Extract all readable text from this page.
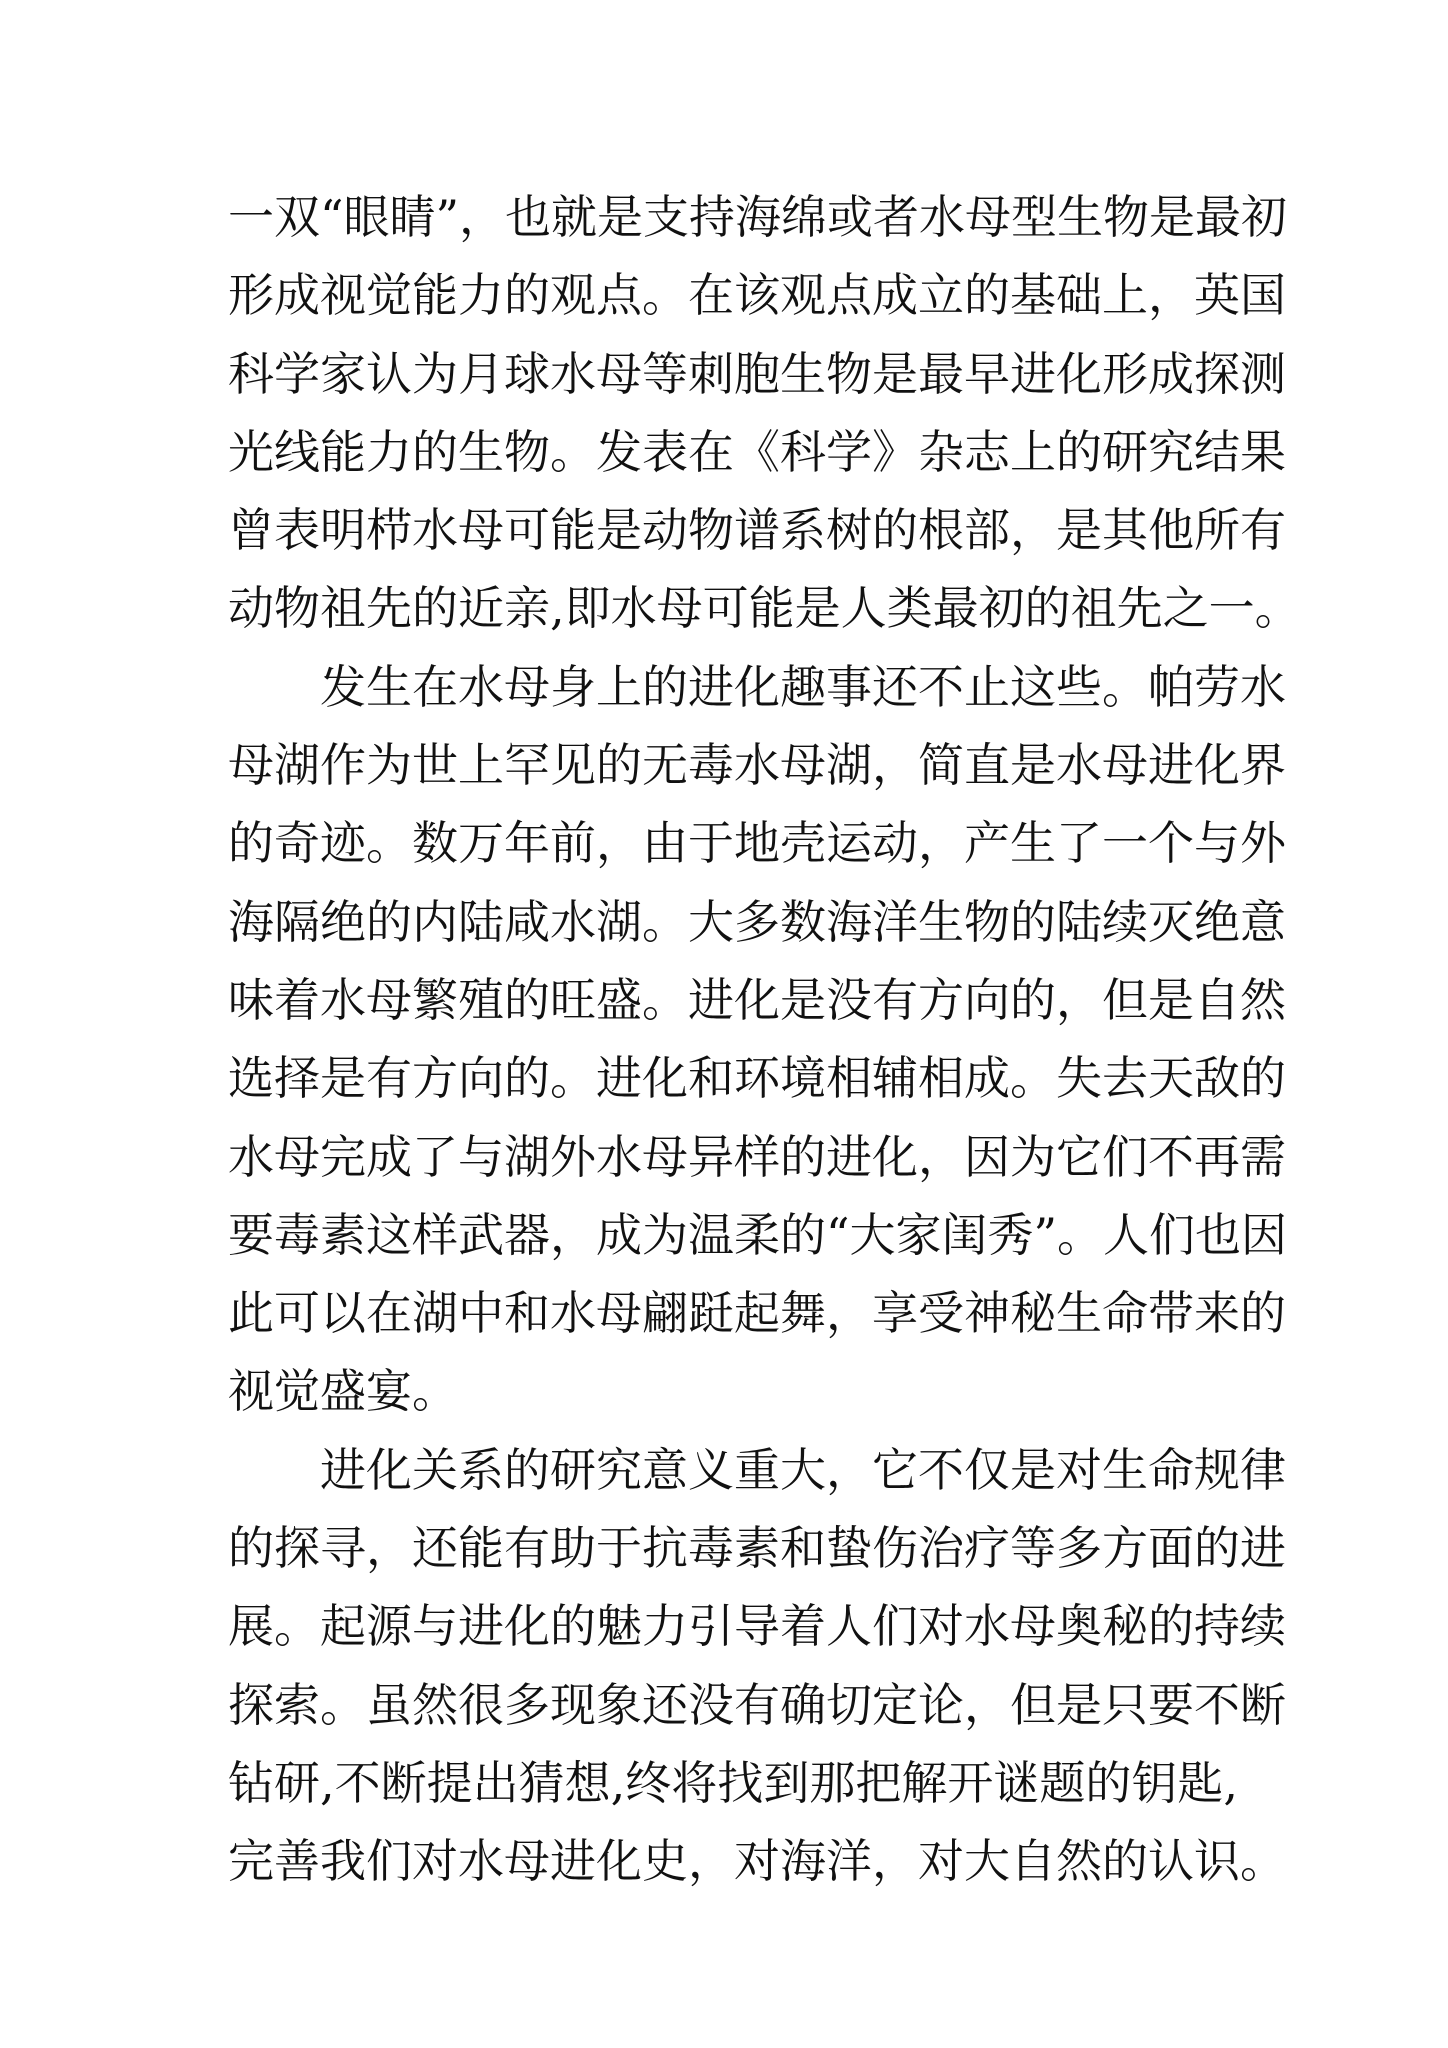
一双“眼睛”，也就是支持海绵或者水母型生物是最初
形成视觉能力的观点。在该观点成立的基础上，英国
科学家认为月球水母等刺胞生物是最早进化形成探测
光线能力的生物。发表在《科学》杂志上的研究结果
曾表明栉水母可能是动物谱系树的根部，是其他所有
动物祖先的近亲,即水母可能是人类最初的祖先之一。
发生在水母身上的进化趣事还不止这些。帕劳水
母湖作为世上罕见的无毒水母湖，简直是水母进化界
的奇迹。数万年前，由于地壳运动，产生了一个与外
海隔绝的内陆咸水湖。大多数海洋生物的陆续灭绝意
味着水母繁殖的旺盛。进化是没有方向的，但是自然
选择是有方向的。进化和环境相辅相成。失去天敌的
水母完成了与湖外水母异样的进化，因为它们不再需
要毒素这样武器，成为温柔的“大家闺秀”。人们也因
此可以在湖中和水母翩跹起舞，享受神秘生命带来的
视觉盛宴。
进化关系的研究意义重大，它不仅是对生命规律
的探寻，还能有助于抗毒素和蛰伤治疗等多方面的进
展。起源与进化的魅力引导着人们对水母奥秘的持续
探索。虽然很多现象还没有确切定论，但是只要不断
钻研,不断提出猜想,终将找到那把解开谜题的钥匙,
完善我们对水母进化史，对海洋，对大自然的认识。
